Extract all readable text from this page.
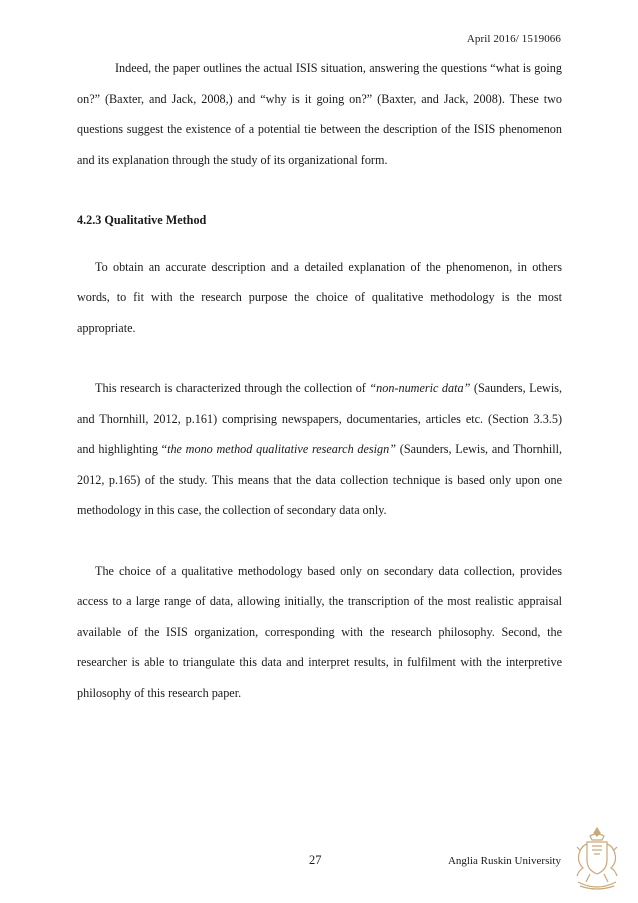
April 2016/ 1519066

Indeed, the paper outlines the actual ISIS situation, answering the questions “what is going on?” (Baxter, and Jack, 2008,) and “why is it going on?” (Baxter, and Jack, 2008). These two questions suggest the existence of a potential tie between the description of the ISIS phenomenon and its explanation through the study of its organizational form.

4.2.3 Qualitative Method

To obtain an accurate description and a detailed explanation of the phenomenon, in others words, to fit with the research purpose the choice of qualitative methodology is the most appropriate.

This research is characterized through the collection of “non-numeric data” (Saunders, Lewis, and Thornhill, 2012, p.161) comprising newspapers, documentaries, articles etc. (Section 3.3.5) and highlighting “the mono method qualitative research design” (Saunders, Lewis, and Thornhill, 2012, p.165) of the study. This means that the data collection technique is based only upon one methodology in this case, the collection of secondary data only.

The choice of a qualitative methodology based only on secondary data collection, provides access to a large range of data, allowing initially, the transcription of the most realistic appraisal available of the ISIS organization, corresponding with the research philosophy. Second, the researcher is able to triangulate this data and interpret results, in fulfilment with the interpretive philosophy of this research paper.

27	Anglia Ruskin University
